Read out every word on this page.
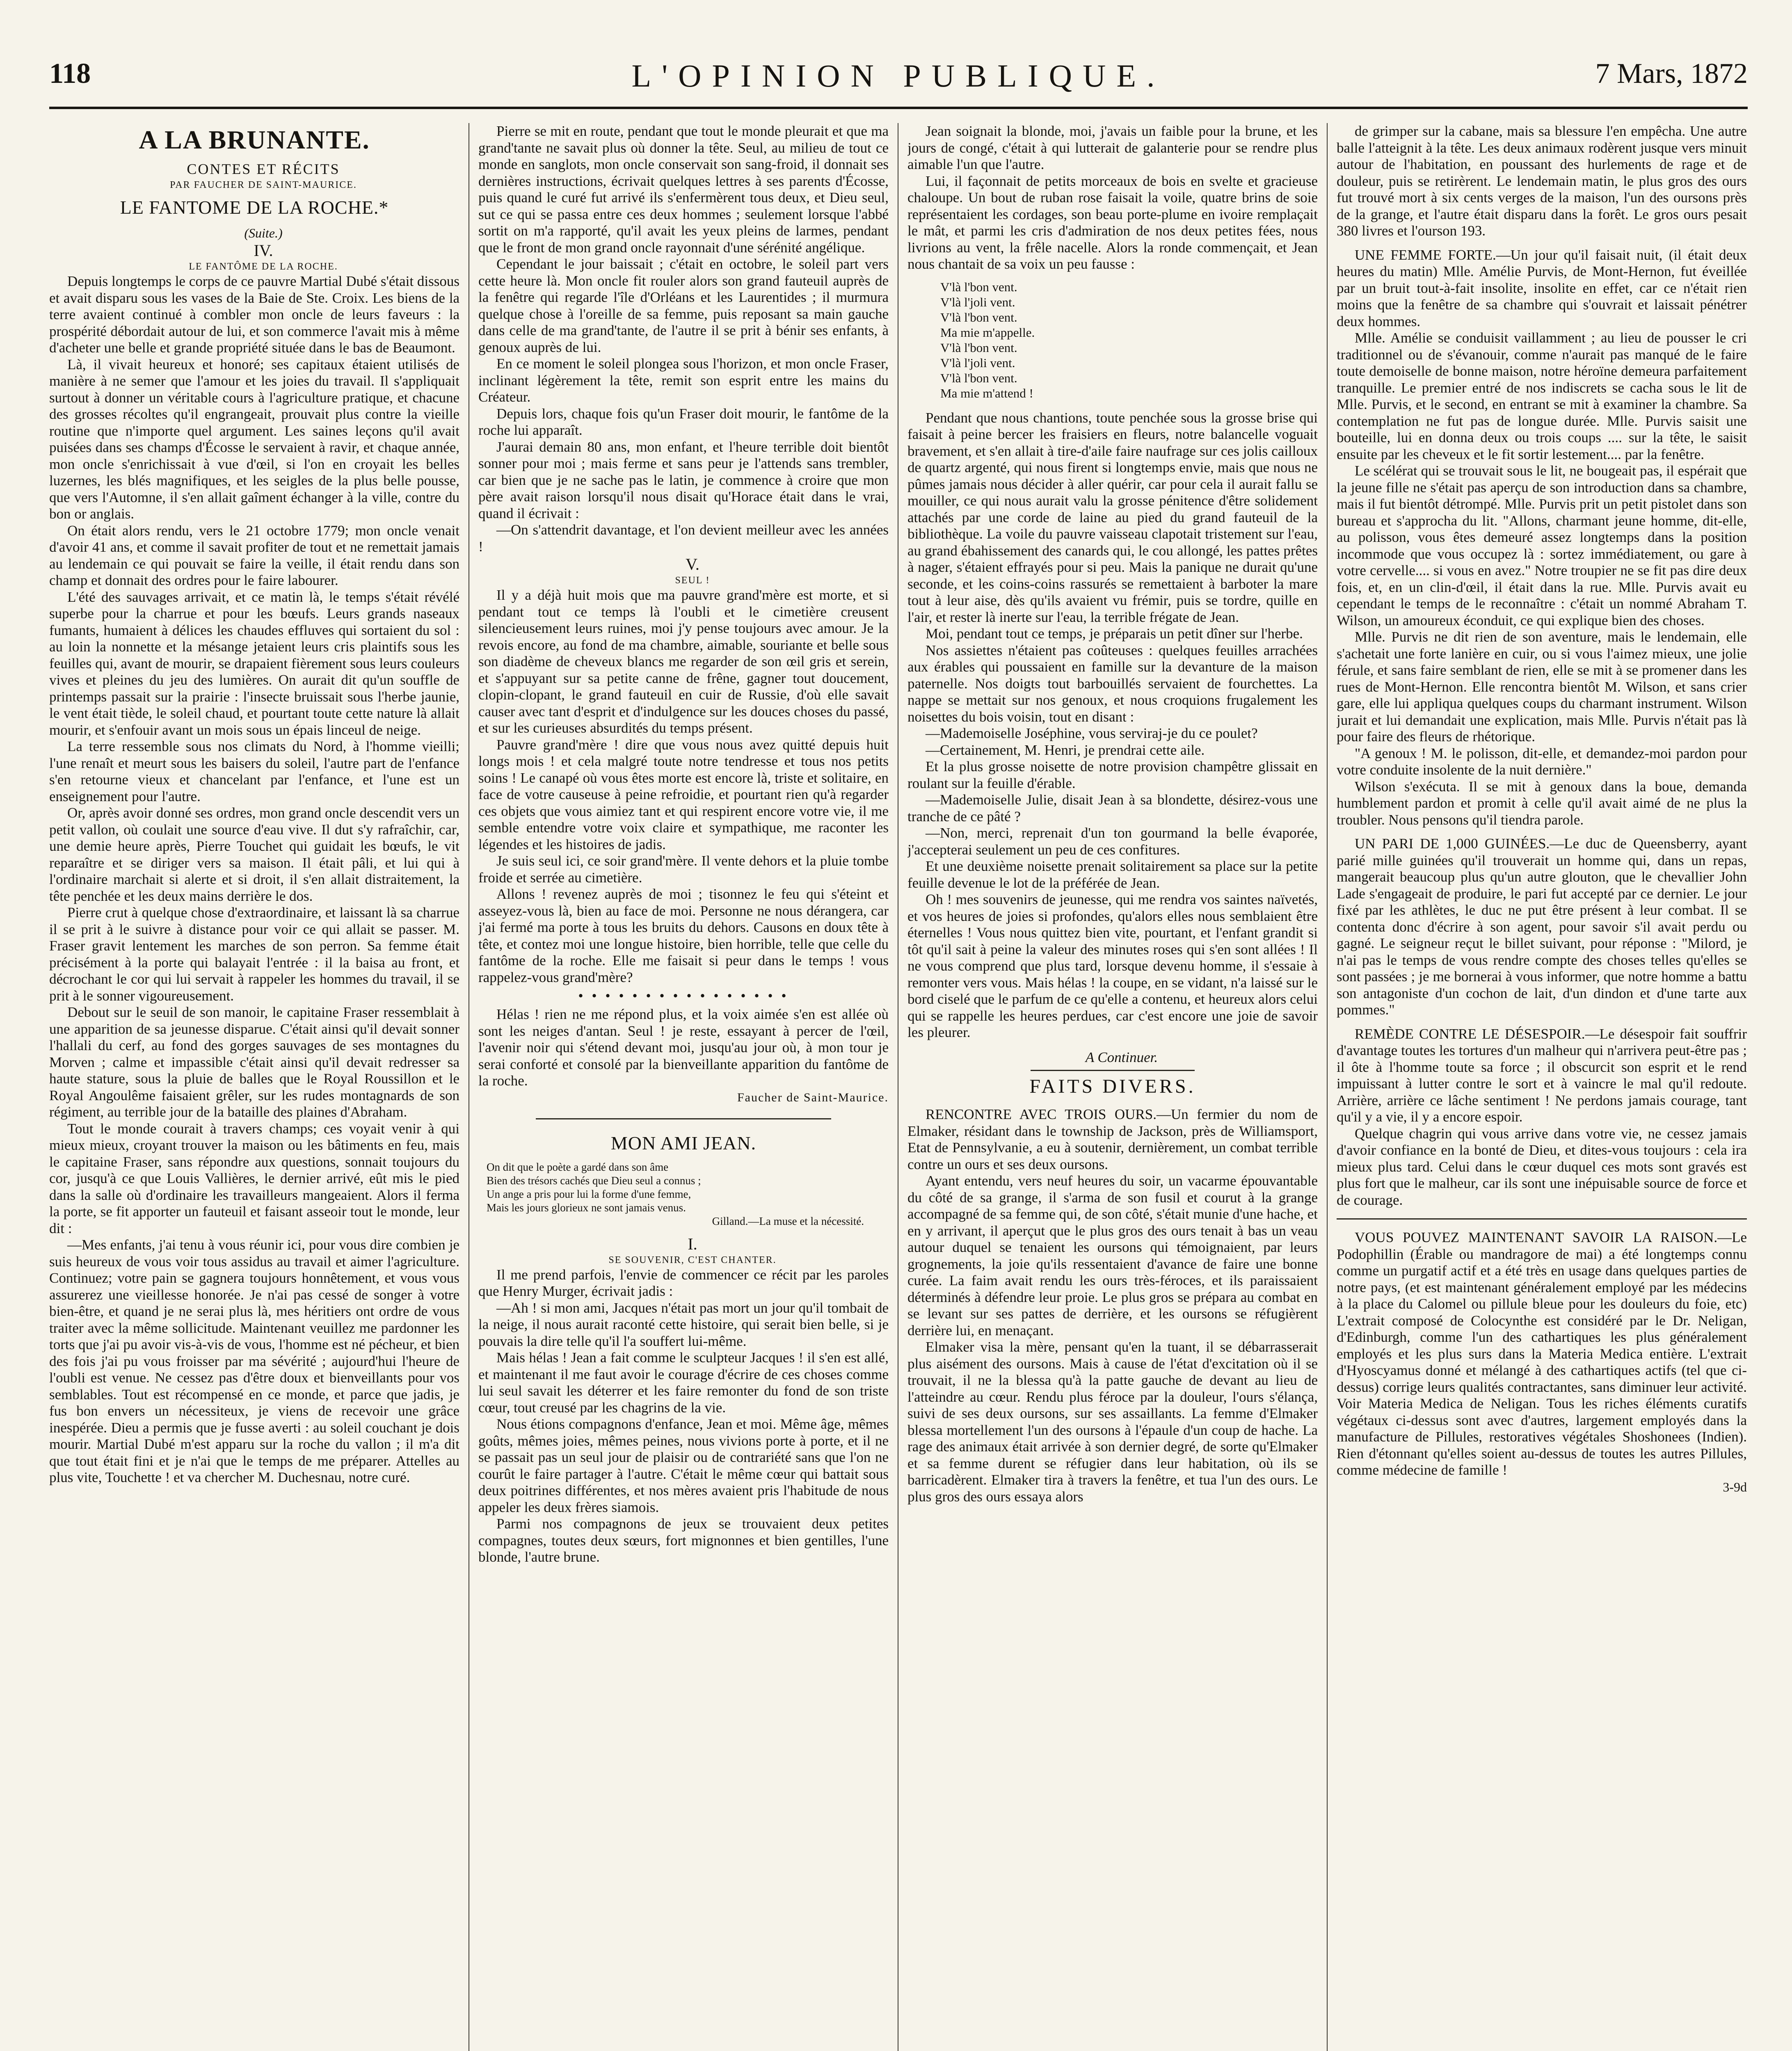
118	L'OPINION PUBLIQUE.	7 Mars, 1872
A LA BRUNANTE.

CONTES ET RÉCITS

PAR FAUCHER DE SAINT-MAURICE.

LE FANTOME DE LA ROCHE.*

(Suite.)

IV.

LE FANTÔME DE LA ROCHE.

Depuis longtemps le corps de ce pauvre Martial Dubé s'était dissous et avait disparu sous les vases de la Baie de Ste. Croix. Les biens de la terre avaient continué à combler mon oncle de leurs faveurs : la prospérité débordait autour de lui, et son commerce l'avait mis à même d'acheter une belle et grande propriété située dans le bas de Beaumont.

Là, il vivait heureux et honoré; ses capitaux étaient utilisés de manière à ne semer que l'amour et les joies du travail. Il s'appliquait surtout à donner un véritable cours à l'agriculture pratique, et chacune des grosses récoltes qu'il engrangeait, prouvait plus contre la vieille routine que n'importe quel argument. Les saines leçons qu'il avait puisées dans ses champs d'Écosse le servaient à ravir, et chaque année, mon oncle s'enrichissait à vue d'œil, si l'on en croyait les belles luzernes, les blés magnifiques, et les seigles de la plus belle pousse, que vers l'Automne, il s'en allait gaîment échanger à la ville, contre du bon or anglais.

On était alors rendu, vers le 21 octobre 1779; mon oncle venait d'avoir 41 ans, et comme il savait profiter de tout et ne remettait jamais au lendemain ce qui pouvait se faire la veille, il était rendu dans son champ et donnait des ordres pour le faire labourer.

L'été des sauvages arrivait, et ce matin là, le temps s'était révélé superbe pour la charrue et pour les bœufs. Leurs grands naseaux fumants, humaient à délices les chaudes effluves qui sortaient du sol : au loin la nonnette et la mésange jetaient leurs cris plaintifs sous les feuilles qui, avant de mourir, se drapaient fièrement sous leurs couleurs vives et pleines du jeu des lumières. On aurait dit qu'un souffle de printemps passait sur la prairie : l'insecte bruissait sous l'herbe jaunie, le vent était tiède, le soleil chaud, et pourtant toute cette nature là allait mourir, et s'enfouir avant un mois sous un épais linceul de neige.

La terre ressemble sous nos climats du Nord, à l'homme vieilli; l'une renaît et meurt sous les baisers du soleil, l'autre part de l'enfance s'en retourne vieux et chancelant par l'enfance, et l'une est un enseignement pour l'autre.

Or, après avoir donné ses ordres, mon grand oncle descendit vers un petit vallon, où coulait une source d'eau vive. Il dut s'y rafraîchir, car, une demie heure après, Pierre Touchet qui guidait les bœufs, le vit reparaître et se diriger vers sa maison. Il était pâli, et lui qui à l'ordinaire marchait si alerte et si droit, il s'en allait distraitement, la tête penchée et les deux mains derrière le dos.

Pierre crut à quelque chose d'extraordinaire, et laissant là sa charrue il se prit à le suivre à distance pour voir ce qui allait se passer. M. Fraser gravit lentement les marches de son perron. Sa femme était précisément à la porte qui balayait l'entrée : il la baisa au front, et décrochant le cor qui lui servait à rappeler les hommes du travail, il se prit à le sonner vigoureusement.

Debout sur le seuil de son manoir, le capitaine Fraser ressemblait à une apparition de sa jeunesse disparue. C'était ainsi qu'il devait sonner l'hallali du cerf, au fond des gorges sauvages de ses montagnes du Morven ; calme et impassible c'était ainsi qu'il devait redresser sa haute stature, sous la pluie de balles que le Royal Roussillon et le Royal Angoulême faisaient grêler, sur les rudes montagnards de son régiment, au terrible jour de la bataille des plaines d'Abraham.

Tout le monde courait à travers champs; ces voyait venir à qui mieux mieux, croyant trouver la maison ou les bâtiments en feu, mais le capitaine Fraser, sans répondre aux questions, sonnait toujours du cor, jusqu'à ce que Louis Vallières, le dernier arrivé, eût mis le pied dans la salle où d'ordinaire les travailleurs mangeaient. Alors il ferma la porte, se fit apporter un fauteuil et faisant asseoir tout le monde, leur dit :

—Mes enfants, j'ai tenu à vous réunir ici, pour vous dire combien je suis heureux de vous voir tous assidus au travail et aimer l'agriculture. Continuez; votre pain se gagnera toujours honnêtement, et vous vous assurerez une vieillesse honorée. Je n'ai pas cessé de songer à votre bien-être, et quand je ne serai plus là, mes héritiers ont ordre de vous traiter avec la même sollicitude. Maintenant veuillez me pardonner les torts que j'ai pu avoir vis-à-vis de vous, l'homme est né pécheur, et bien des fois j'ai pu vous froisser par ma sévérité ; aujourd'hui l'heure de l'oubli est venue. Ne cessez pas d'être doux et bienveillants pour vos semblables. Tout est récompensé en ce monde, et parce que jadis, je fus bon envers un nécessiteux, je viens de recevoir une grâce inespérée. Dieu a permis que je fusse averti : au soleil couchant je dois mourir. Martial Dubé m'est apparu sur la roche du vallon ; il m'a dit que tout était fini et je n'ai que le temps de me préparer. Attelles au plus vite, Touchette ! et va chercher M. Duchesnau, notre curé.

Pierre se mit en route, pendant que tout le monde pleurait et que ma grand'tante ne savait plus où donner la tête. Seul, au milieu de tout ce monde en sanglots, mon oncle conservait son sang-froid, il donnait ses dernières instructions, écrivait quelques lettres à ses parents d'Écosse, puis quand le curé fut arrivé ils s'enfermèrent tous deux, et Dieu seul, sut ce qui se passa entre ces deux hommes ; seulement lorsque l'abbé sortit on m'a rapporté, qu'il avait les yeux pleins de larmes, pendant que le front de mon grand oncle rayonnait d'une sérénité angélique.

Cependant le jour baissait ; c'était en octobre, le soleil part vers cette heure là. Mon oncle fit rouler alors son grand fauteuil auprès de la fenêtre qui regarde l'île d'Orléans et les Laurentides ; il murmura quelque chose à l'oreille de sa femme, puis reposant sa main gauche dans celle de ma grand'tante, de l'autre il se prit à bénir ses enfants, à genoux auprès de lui.

En ce moment le soleil plongea sous l'horizon, et mon oncle Fraser, inclinant légèrement la tête, remit son esprit entre les mains du Créateur.

Depuis lors, chaque fois qu'un Fraser doit mourir, le fantôme de la roche lui apparaît.

J'aurai demain 80 ans, mon enfant, et l'heure terrible doit bientôt sonner pour moi ; mais ferme et sans peur je l'attends sans trembler, car bien que je ne sache pas le latin, je commence à croire que mon père avait raison lorsqu'il nous disait qu'Horace était dans le vrai, quand il écrivait :

—On s'attendrit davantage, et l'on devient meilleur avec les années !

V.

SEUL !

Il y a déjà huit mois que ma pauvre grand'mère est morte, et si pendant tout ce temps là l'oubli et le cimetière creusent silencieusement leurs ruines, moi j'y pense toujours avec amour. Je la revois encore, au fond de ma chambre, aimable, souriante et belle sous son diadème de cheveux blancs me regarder de son œil gris et serein, et s'appuyant sur sa petite canne de frêne, gagner tout doucement, clopin-clopant, le grand fauteuil en cuir de Russie, d'où elle savait causer avec tant d'esprit et d'indulgence sur les douces choses du passé, et sur les curieuses absurdités du temps présent.

Pauvre grand'mère ! dire que vous nous avez quitté depuis huit longs mois ! et cela malgré toute notre tendresse et tous nos petits soins ! Le canapé où vous êtes morte est encore là, triste et solitaire, en face de votre causeuse à peine refroidie, et pourtant rien qu'à regarder ces objets que vous aimiez tant et qui respirent encore votre vie, il me semble entendre votre voix claire et sympathique, me raconter les légendes et les histoires de jadis.

Je suis seul ici, ce soir grand'mère. Il vente dehors et la pluie tombe froide et serrée au cimetière.

Allons ! revenez auprès de moi ; tisonnez le feu qui s'éteint et asseyez-vous là, bien au face de moi. Personne ne nous dérangera, car j'ai fermé ma porte à tous les bruits du dehors. Causons en doux tête à tête, et contez moi une longue histoire, bien horrible, telle que celle du fantôme de la roche. Elle me faisait si peur dans le temps ! vous rappelez-vous grand'mère?

• • • • • • • • • • • • • • • •

Hélas ! rien ne me répond plus, et la voix aimée s'en est allée où sont les neiges d'antan. Seul ! je reste, essayant à percer de l'œil, l'avenir noir qui s'étend devant moi, jusqu'au jour où, à mon tour je serai conforté et consolé par la bienveillante apparition du fantôme de la roche.

Faucher de Saint-Maurice.

MON AMI JEAN.
On dit que le poète a gardé dans son âme
Bien des trésors cachés que Dieu seul a connus ;
Un ange a pris pour lui la forme d'une femme,
Mais les jours glorieux ne sont jamais venus.
Gilland.—La muse et la nécessité.

I.

SE SOUVENIR, C'EST CHANTER.

Il me prend parfois, l'envie de commencer ce récit par les paroles que Henry Murger, écrivait jadis :

—Ah ! si mon ami, Jacques n'était pas mort un jour qu'il tombait de la neige, il nous aurait raconté cette histoire, qui serait bien belle, si je pouvais la dire telle qu'il l'a souffert lui-même.

Mais hélas ! Jean a fait comme le sculpteur Jacques ! il s'en est allé, et maintenant il me faut avoir le courage d'écrire de ces choses comme lui seul savait les déterrer et les faire remonter du fond de son triste cœur, tout creusé par les chagrins de la vie.

Nous étions compagnons d'enfance, Jean et moi. Même âge, mêmes goûts, mêmes joies, mêmes peines, nous vivions porte à porte, et il ne se passait pas un seul jour de plaisir ou de contrariété sans que l'on ne courût le faire partager à l'autre. C'était le même cœur qui battait sous deux poitrines différentes, et nos mères avaient pris l'habitude de nous appeler les deux frères siamois.

Parmi nos compagnons de jeux se trouvaient deux petites compagnes, toutes deux sœurs, fort mignonnes et bien gentilles, l'une blonde, l'autre brune.

Jean soignait la blonde, moi, j'avais un faible pour la brune, et les jours de congé, c'était à qui lutterait de galanterie pour se rendre plus aimable l'un que l'autre.

Lui, il façonnait de petits morceaux de bois en svelte et gracieuse chaloupe. Un bout de ruban rose faisait la voile, quatre brins de soie représentaient les cordages, son beau porte-plume en ivoire remplaçait le mât, et parmi les cris d'admiration de nos deux petites fées, nous livrions au vent, la frêle nacelle. Alors la ronde commençait, et Jean nous chantait de sa voix un peu fausse :

V'là l'bon vent.
V'là l'joli vent.
V'là l'bon vent.
Ma mie m'appelle.
V'là l'bon vent.
V'là l'joli vent.
V'là l'bon vent.
Ma mie m'attend !

Pendant que nous chantions, toute penchée sous la grosse brise qui faisait à peine bercer les fraisiers en fleurs, notre balancelle voguait bravement, et s'en allait à tire-d'aile faire naufrage sur ces jolis cailloux de quartz argenté, qui nous firent si longtemps envie, mais que nous ne pûmes jamais nous décider à aller quérir, car pour cela il aurait fallu se mouiller, ce qui nous aurait valu la grosse pénitence d'être solidement attachés par une corde de laine au pied du grand fauteuil de la bibliothèque. La voile du pauvre vaisseau clapotait tristement sur l'eau, au grand ébahissement des canards qui, le cou allongé, les pattes prêtes à nager, s'étaient effrayés pour si peu. Mais la panique ne durait qu'une seconde, et les coins-coins rassurés se remettaient à barboter la mare tout à leur aise, dès qu'ils avaient vu frémir, puis se tordre, quille en l'air, et rester là inerte sur l'eau, la terrible frégate de Jean.

Moi, pendant tout ce temps, je préparais un petit dîner sur l'herbe.

Nos assiettes n'étaient pas coûteuses : quelques feuilles arrachées aux érables qui poussaient en famille sur la devanture de la maison paternelle. Nos doigts tout barbouillés servaient de fourchettes. La nappe se mettait sur nos genoux, et nous croquions frugalement les noisettes du bois voisin, tout en disant :

—Mademoiselle Joséphine, vous serviraj-je du ce poulet?

—Certainement, M. Henri, je prendrai cette aile.

Et la plus grosse noisette de notre provision champêtre glissait en roulant sur la feuille d'érable.

—Mademoiselle Julie, disait Jean à sa blondette, désirez-vous une tranche de ce pâté ?

—Non, merci, reprenait d'un ton gourmand la belle évaporée, j'accepterai seulement un peu de ces confitures.

Et une deuxième noisette prenait solitairement sa place sur la petite feuille devenue le lot de la préférée de Jean.

Oh ! mes souvenirs de jeunesse, qui me rendra vos saintes naïvetés, et vos heures de joies si profondes, qu'alors elles nous semblaient être éternelles ! Vous nous quittez bien vite, pourtant, et l'enfant grandit si tôt qu'il sait à peine la valeur des minutes roses qui s'en sont allées ! Il ne vous comprend que plus tard, lorsque devenu homme, il s'essaie à remonter vers vous. Mais hélas ! la coupe, en se vidant, n'a laissé sur le bord ciselé que le parfum de ce qu'elle a contenu, et heureux alors celui qui se rappelle les heures perdues, car c'est encore une joie de savoir les pleurer.

A Continuer.

FAITS DIVERS.

RENCONTRE AVEC TROIS OURS.—Un fermier du nom de Elmaker, résidant dans le township de Jackson, près de Williamsport, Etat de Pennsylvanie, a eu à soutenir, dernièrement, un combat terrible contre un ours et ses deux oursons.

Ayant entendu, vers neuf heures du soir, un vacarme épouvantable du côté de sa grange, il s'arma de son fusil et courut à la grange accompagné de sa femme qui, de son côté, s'était munie d'une hache, et en y arrivant, il aperçut que le plus gros des ours tenait à bas un veau autour duquel se tenaient les oursons qui témoignaient, par leurs grognements, la joie qu'ils ressentaient d'avance de faire une bonne curée. La faim avait rendu les ours très-féroces, et ils paraissaient déterminés à défendre leur proie. Le plus gros se prépara au combat en se levant sur ses pattes de derrière, et les oursons se réfugièrent derrière lui, en menaçant.

Elmaker visa la mère, pensant qu'en la tuant, il se débarrasserait plus aisément des oursons. Mais à cause de l'état d'excitation où il se trouvait, il ne la blessa qu'à la patte gauche de devant au lieu de l'atteindre au cœur. Rendu plus féroce par la douleur, l'ours s'élança, suivi de ses deux oursons, sur ses assaillants. La femme d'Elmaker blessa mortellement l'un des oursons à l'épaule d'un coup de hache. La rage des animaux était arrivée à son dernier degré, de sorte qu'Elmaker et sa femme durent se réfugier dans leur habitation, où ils se barricadèrent. Elmaker tira à travers la fenêtre, et tua l'un des ours. Le plus gros des ours essaya alors

de grimper sur la cabane, mais sa blessure l'en empêcha. Une autre balle l'atteignit à la tête. Les deux animaux rodèrent jusque vers minuit autour de l'habitation, en poussant des hurlements de rage et de douleur, puis se retirèrent. Le lendemain matin, le plus gros des ours fut trouvé mort à six cents verges de la maison, l'un des oursons près de la grange, et l'autre était disparu dans la forêt. Le gros ours pesait 380 livres et l'ourson 193.

UNE FEMME FORTE.—Un jour qu'il faisait nuit, (il était deux heures du matin) Mlle. Amélie Purvis, de Mont-Hernon, fut éveillée par un bruit tout-à-fait insolite, insolite en effet, car ce n'était rien moins que la fenêtre de sa chambre qui s'ouvrait et laissait pénétrer deux hommes.

Mlle. Amélie se conduisit vaillamment ; au lieu de pousser le cri traditionnel ou de s'évanouir, comme n'aurait pas manqué de le faire toute demoiselle de bonne maison, notre héroïne demeura parfaitement tranquille. Le premier entré de nos indiscrets se cacha sous le lit de Mlle. Purvis, et le second, en entrant se mit à examiner la chambre. Sa contemplation ne fut pas de longue durée. Mlle. Purvis saisit une bouteille, lui en donna deux ou trois coups .... sur la tête, le saisit ensuite par les cheveux et le fit sortir lestement.... par la fenêtre.

Le scélérat qui se trouvait sous le lit, ne bougeait pas, il espérait que la jeune fille ne s'était pas aperçu de son introduction dans sa chambre, mais il fut bientôt détrompé. Mlle. Purvis prit un petit pistolet dans son bureau et s'approcha du lit. "Allons, charmant jeune homme, dit-elle, au polisson, vous êtes demeuré assez longtemps dans la position incommode que vous occupez là : sortez immédiatement, ou gare à votre cervelle.... si vous en avez." Notre troupier ne se fit pas dire deux fois, et, en un clin-d'œil, il était dans la rue. Mlle. Purvis avait eu cependant le temps de le reconnaître : c'était un nommé Abraham T. Wilson, un amoureux éconduit, ce qui explique bien des choses.

Mlle. Purvis ne dit rien de son aventure, mais le lendemain, elle s'achetait une forte lanière en cuir, ou si vous l'aimez mieux, une jolie férule, et sans faire semblant de rien, elle se mit à se promener dans les rues de Mont-Hernon. Elle rencontra bientôt M. Wilson, et sans crier gare, elle lui appliqua quelques coups du charmant instrument. Wilson jurait et lui demandait une explication, mais Mlle. Purvis n'était pas là pour faire des fleurs de rhétorique.

"A genoux ! M. le polisson, dit-elle, et demandez-moi pardon pour votre conduite insolente de la nuit dernière."

Wilson s'exécuta. Il se mit à genoux dans la boue, demanda humblement pardon et promit à celle qu'il avait aimé de ne plus la troubler. Nous pensons qu'il tiendra parole.

UN PARI DE 1,000 GUINÉES.—Le duc de Queensberry, ayant parié mille guinées qu'il trouverait un homme qui, dans un repas, mangerait beaucoup plus qu'un autre glouton, que le chevallier John Lade s'engageait de produire, le pari fut accepté par ce dernier. Le jour fixé par les athlètes, le duc ne put être présent à leur combat. Il se contenta donc d'écrire à son agent, pour savoir s'il avait perdu ou gagné. Le seigneur reçut le billet suivant, pour réponse : "Milord, je n'ai pas le temps de vous rendre compte des choses telles qu'elles se sont passées ; je me bornerai à vous informer, que notre homme a battu son antagoniste d'un cochon de lait, d'un dindon et d'une tarte aux pommes."

REMÈDE CONTRE LE DÉSESPOIR.—Le désespoir fait souffrir d'avantage toutes les tortures d'un malheur qui n'arrivera peut-être pas ; il ôte à l'homme toute sa force ; il obscurcit son esprit et le rend impuissant à lutter contre le sort et à vaincre le mal qu'il redoute. Arrière, arrière ce lâche sentiment ! Ne perdons jamais courage, tant qu'il y a vie, il y a encore espoir.

Quelque chagrin qui vous arrive dans votre vie, ne cessez jamais d'avoir confiance en la bonté de Dieu, et dites-vous toujours : cela ira mieux plus tard. Celui dans le cœur duquel ces mots sont gravés est plus fort que le malheur, car ils sont une inépuisable source de force et de courage.

VOUS POUVEZ MAINTENANT SAVOIR LA RAISON.—Le Podophillin (Érable ou mandragore de mai) a été longtemps connu comme un purgatif actif et a été très en usage dans quelques parties de notre pays, (et est maintenant généralement employé par les médecins à la place du Calomel ou pillule bleue pour les douleurs du foie, etc) L'extrait composé de Colocynthe est considéré par le Dr. Neligan, d'Edinburgh, comme l'un des cathartiques les plus généralement employés et les plus surs dans la Materia Medica entière. L'extrait d'Hyoscyamus donné et mélangé à des cathartiques actifs (tel que ci-dessus) corrige leurs qualités contractantes, sans diminuer leur activité. Voir Materia Medica de Neligan. Tous les riches éléments curatifs végétaux ci-dessus sont avec d'autres, largement employés dans la manufacture de Pillules, restoratives végétales Shoshonees (Indien). Rien d'étonnant qu'elles soient au-dessus de toutes les autres Pillules, comme médecine de famille !

3-9d
